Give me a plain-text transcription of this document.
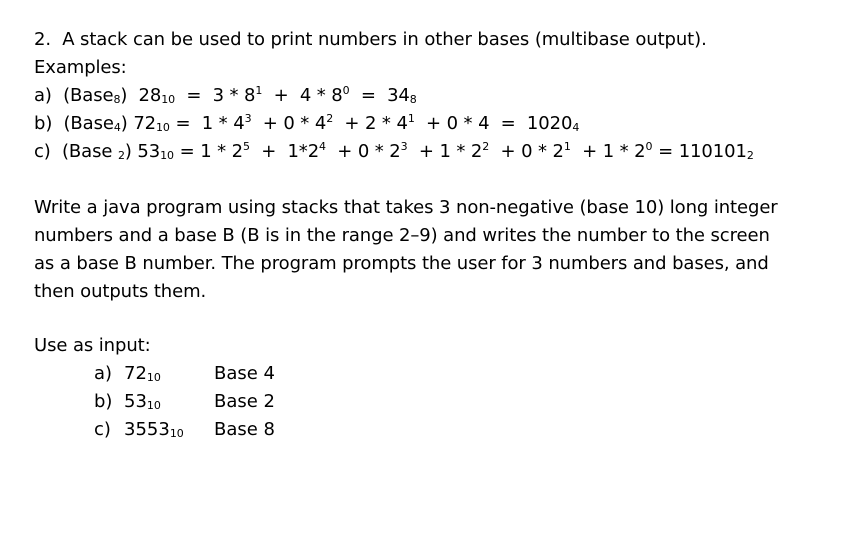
2.  A stack can be used to print numbers in other bases (multibase output).
Examples:
a)  (Base$_8$)  $28_{10} = 3 * 8^1 + 4 * 8^0 = 34_8$
b)  (Base$_4$) $72_{10} = 1 * 4^3 + 0 * 4^2 + 2 * 4^1 + 0 * 4 = 1020_4$
c)  (Base $_2$) $53_{10} = 1 * 2^5 + 1*2^4 + 0 * 2^3 + 1 * 2^2 + 0 * 2^1 + 1 * 2^0 = 110101_2$
Write a java program using stacks that takes 3 non-negative (base 10) long integer
numbers and a base B (B is in the range 2–9) and writes the number to the screen
as a base B number. The program prompts the user for 3 numbers and bases, and
then outputs them.
Use as input:
a) $72_{10}$	Base 4
b) $53_{10}$	Base 2
c) $3553_{10}$ Base 8
